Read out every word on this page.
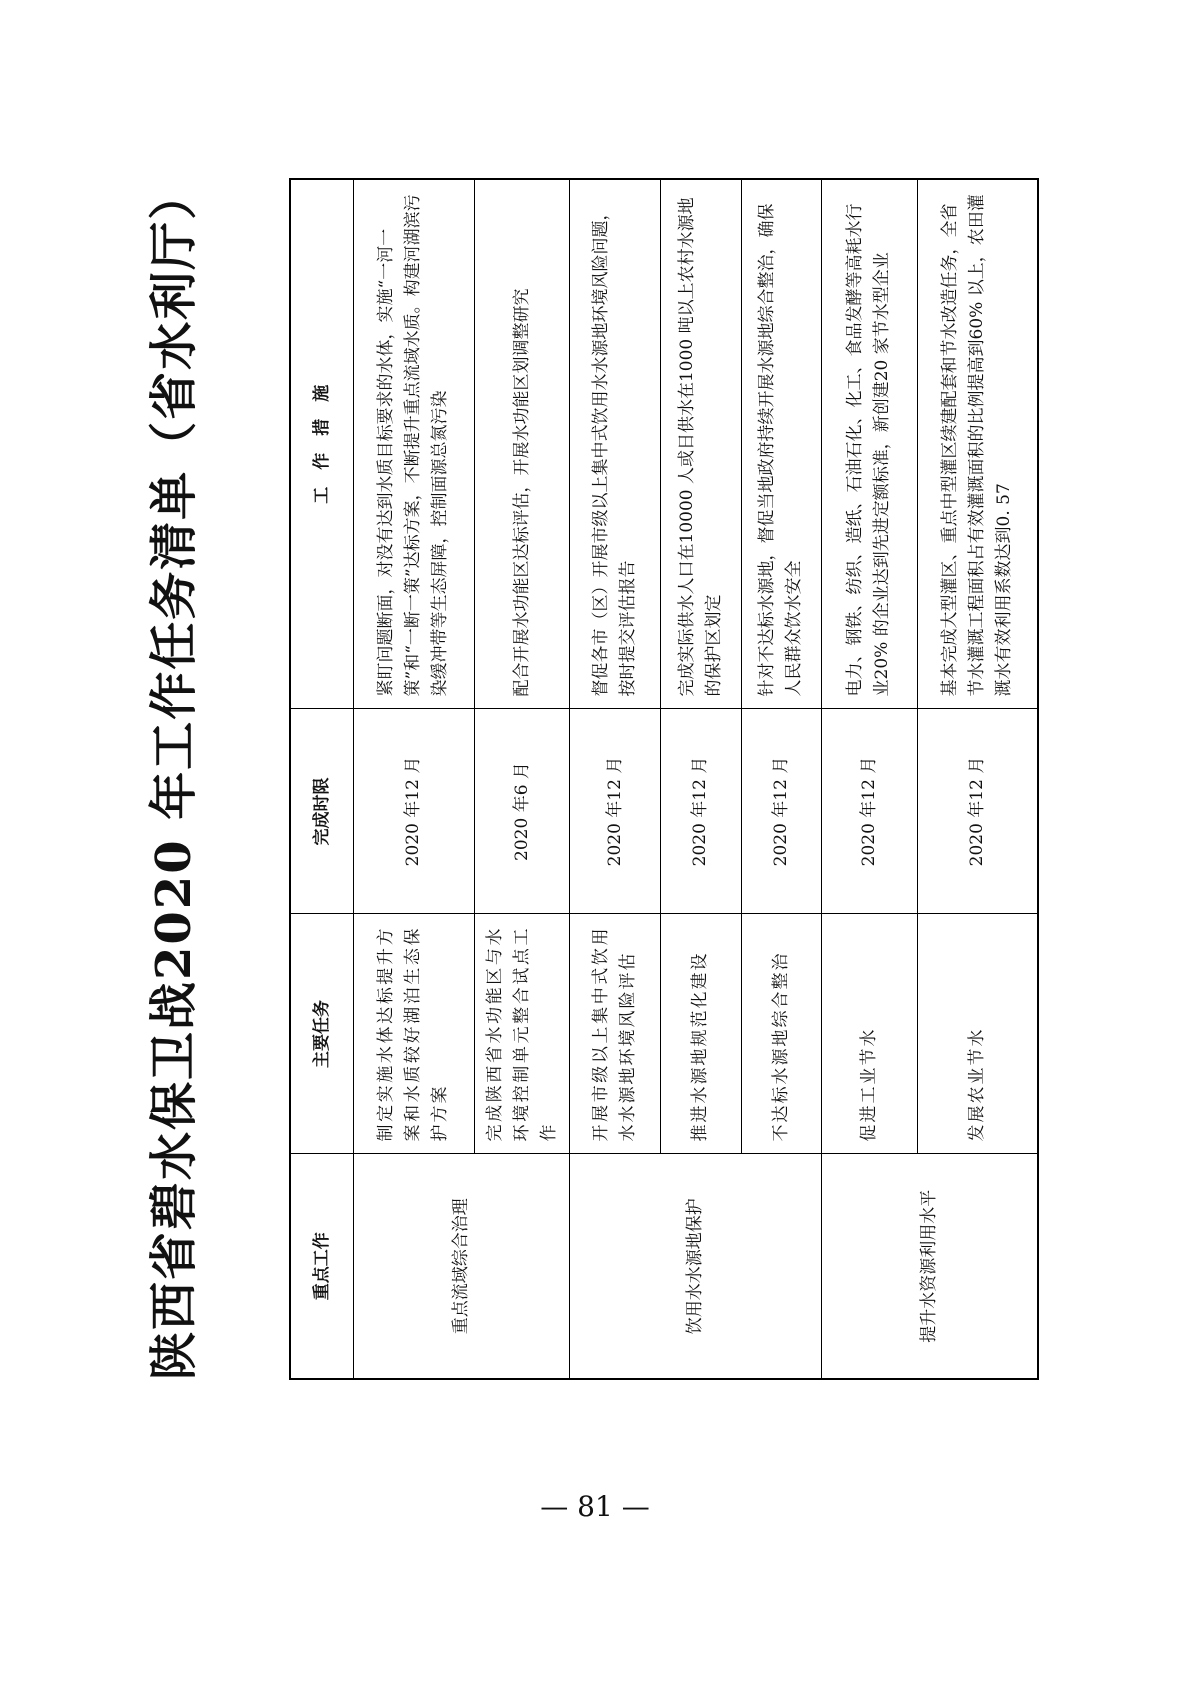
陕西省碧水保卫战2020 年工作任务清单（省水利厅）	重点工作	主要任务	完成时限	工　作　措　施
重点流域综合治理	制定实施水体达标提升方案和水质较好湖泊生态保护方案	2020 年12 月	紧盯问题断面，对没有达到水质目标要求的水体，实施“一河一策”和“一断一策”达标方案，不断提升重点流域水质。构建河湖滨污染缓冲带等生态屏障，控制面源总氮污染
	完成陕西省水功能区与水环境控制单元整合试点工作	2020 年6 月	配合开展水功能区达标评估，开展水功能区划调整研究
饮用水水源地保护	开展市级以上集中式饮用水水源地环境风险评估	2020 年12 月	督促各市（区）开展市级以上集中式饮用水水源地环境风险问题，按时提交评估报告
	推进水源地规范化建设	2020 年12 月	完成实际供水人口在10000 人或日供水在1000 吨以上农村水源地的保护区划定
	不达标水源地综合整治	2020 年12 月	针对不达标水源地，督促当地政府持续开展水源地综合整治，确保人民群众饮水安全
提升水资源利用水平	促进工业节水	2020 年12 月	电力、钢铁、纺织、造纸、石油石化、化工、食品发酵等高耗水行业20% 的企业达到先进定额标准，新创建20 家节水型企业
	发展农业节水	2020 年12 月	基本完成大型灌区、重点中型灌区续建配套和节水改造任务，全省节水灌溉工程面积占有效灌溉面积的比例提高到60% 以上，农田灌溉水有效利用系数达到0. 57
— 81 —
